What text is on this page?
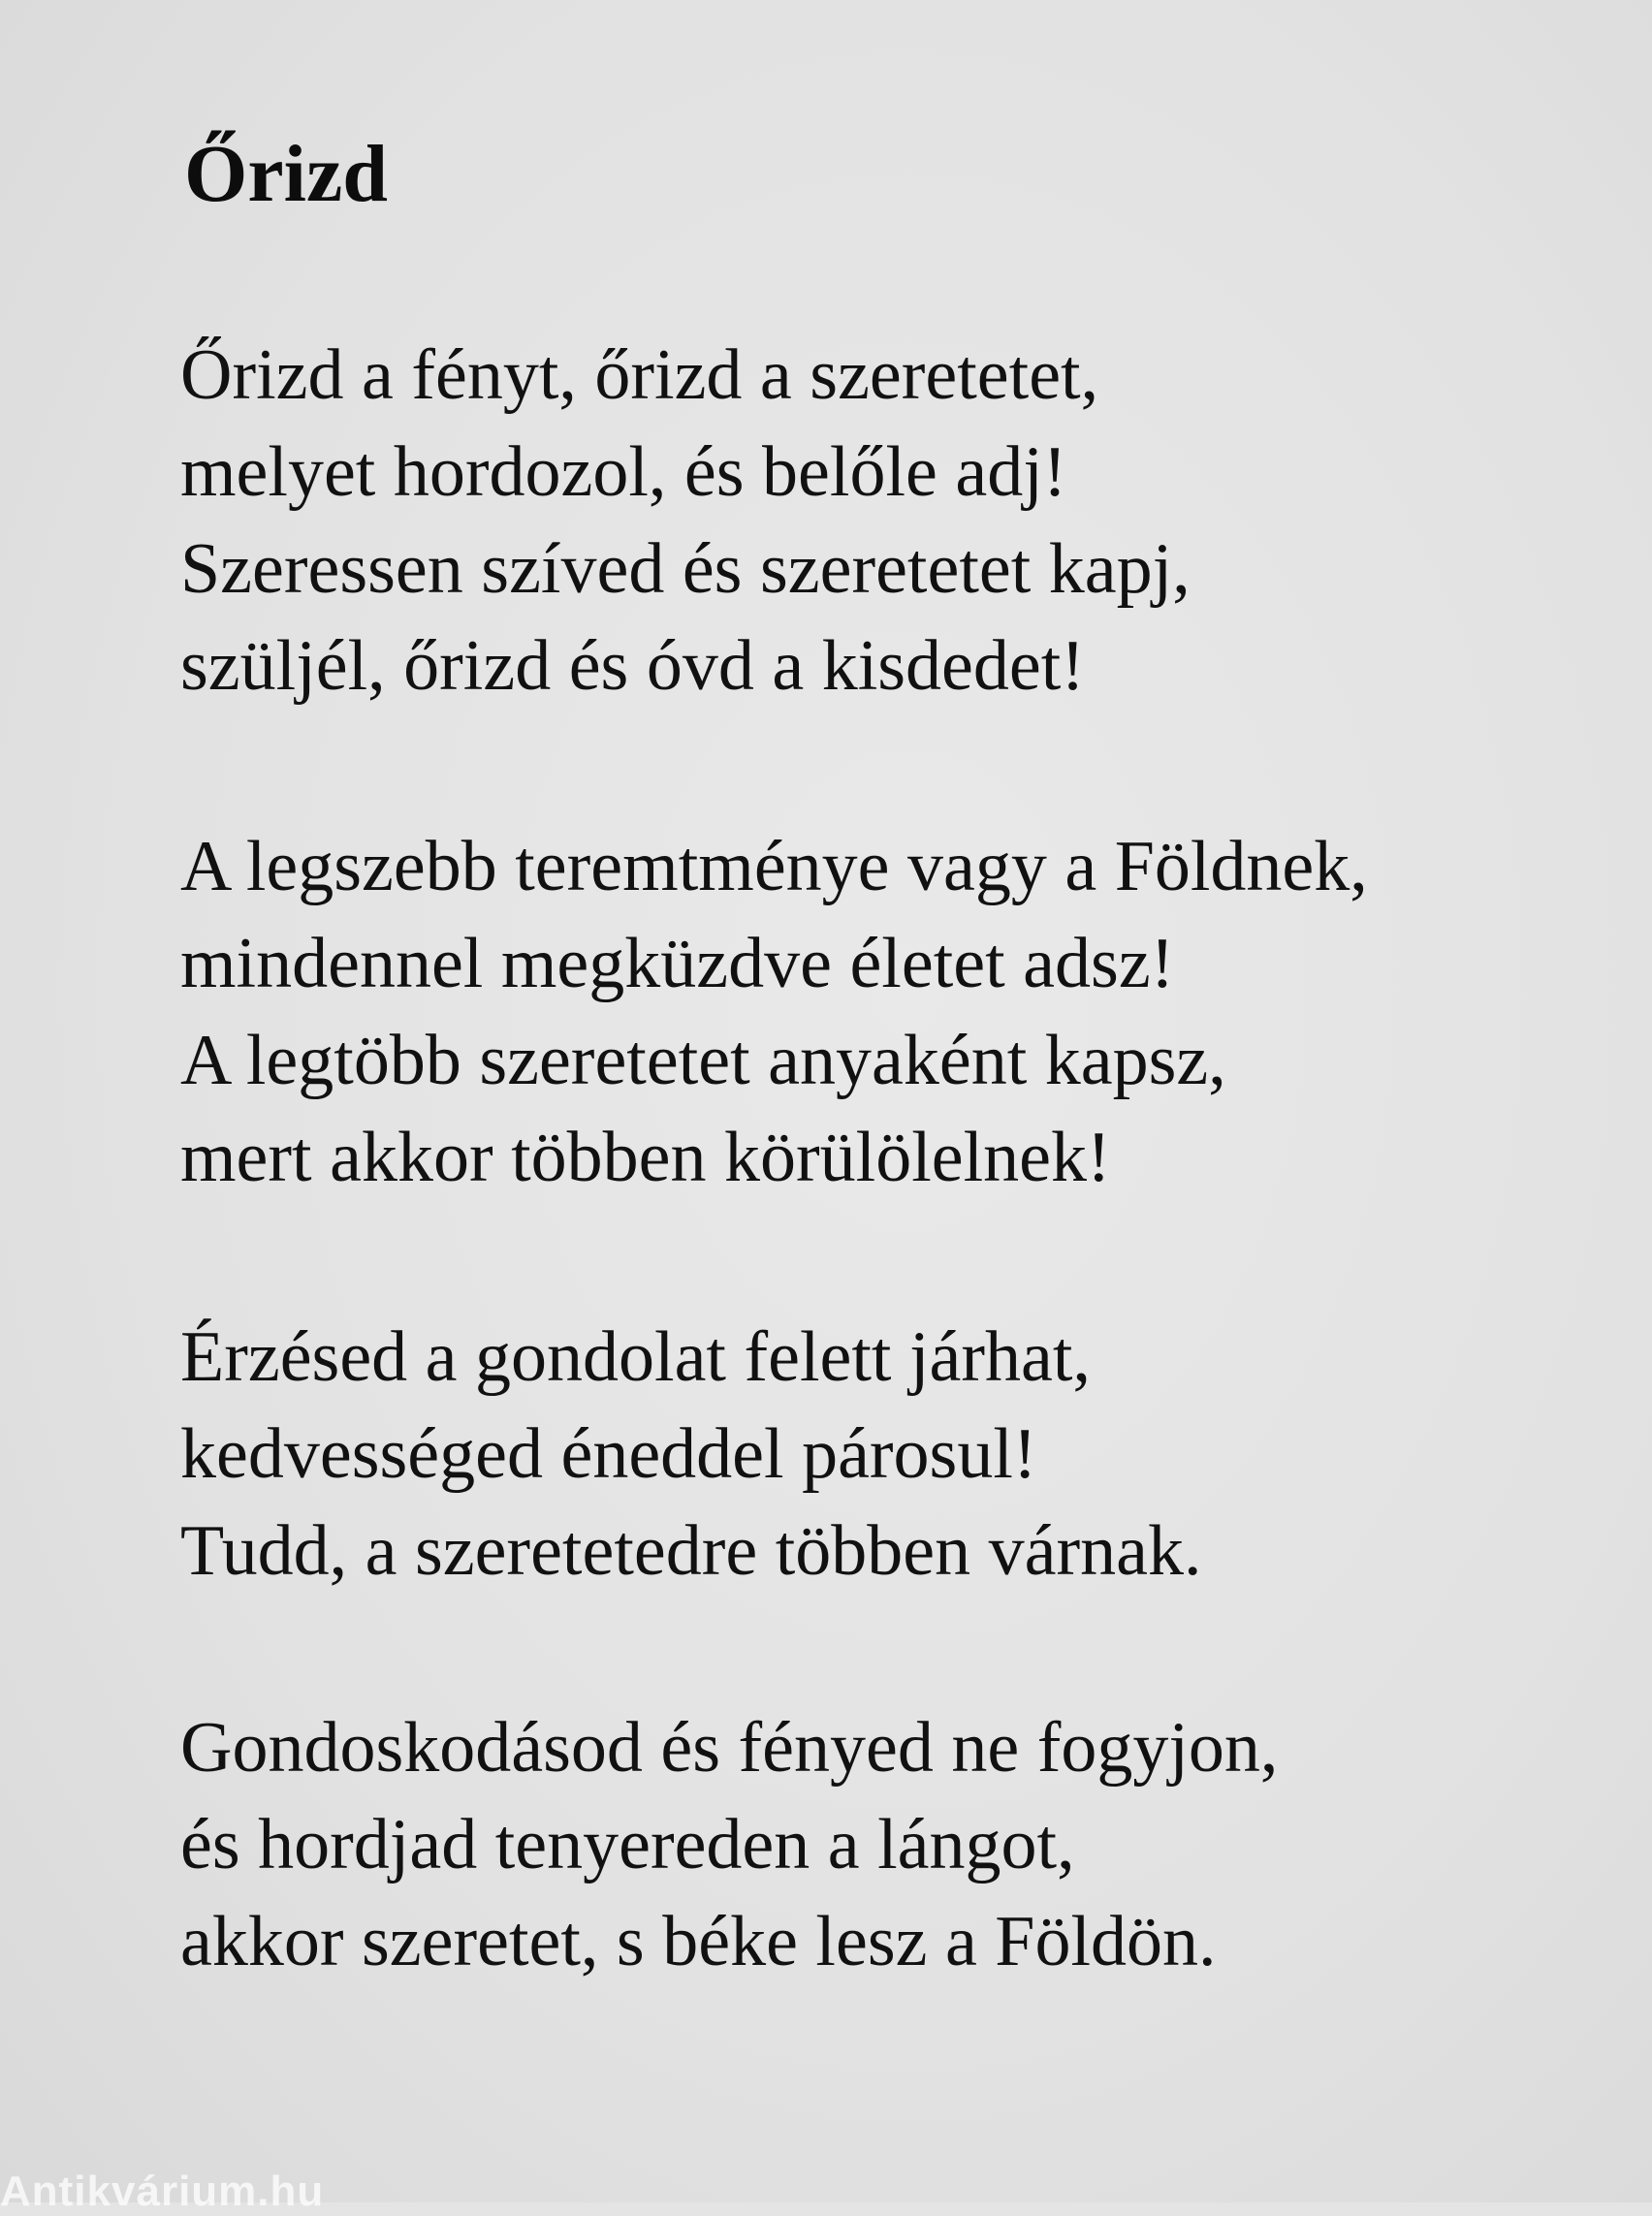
Őrizd

Őrizd a fényt, őrizd a szeretetet,
melyet hordozol, és belőle adj!
Szeressen szíved és szeretetet kapj,
szüljél, őrizd és óvd a kisdedet!

A legszebb teremtménye vagy a Földnek,
mindennel megküzdve életet adsz!
A legtöbb szeretetet anyaként kapsz,
mert akkor többen körülölelnek!

Érzésed a gondolat felett járhat,
kedvességed éneddel párosul!
Tudd, a szeretetedre többen várnak.

Gondoskodásod és fényed ne fogyjon,
és hordjad tenyereden a lángot,
akkor szeretet, s béke lesz a Földön.

Antikvárium.hu
